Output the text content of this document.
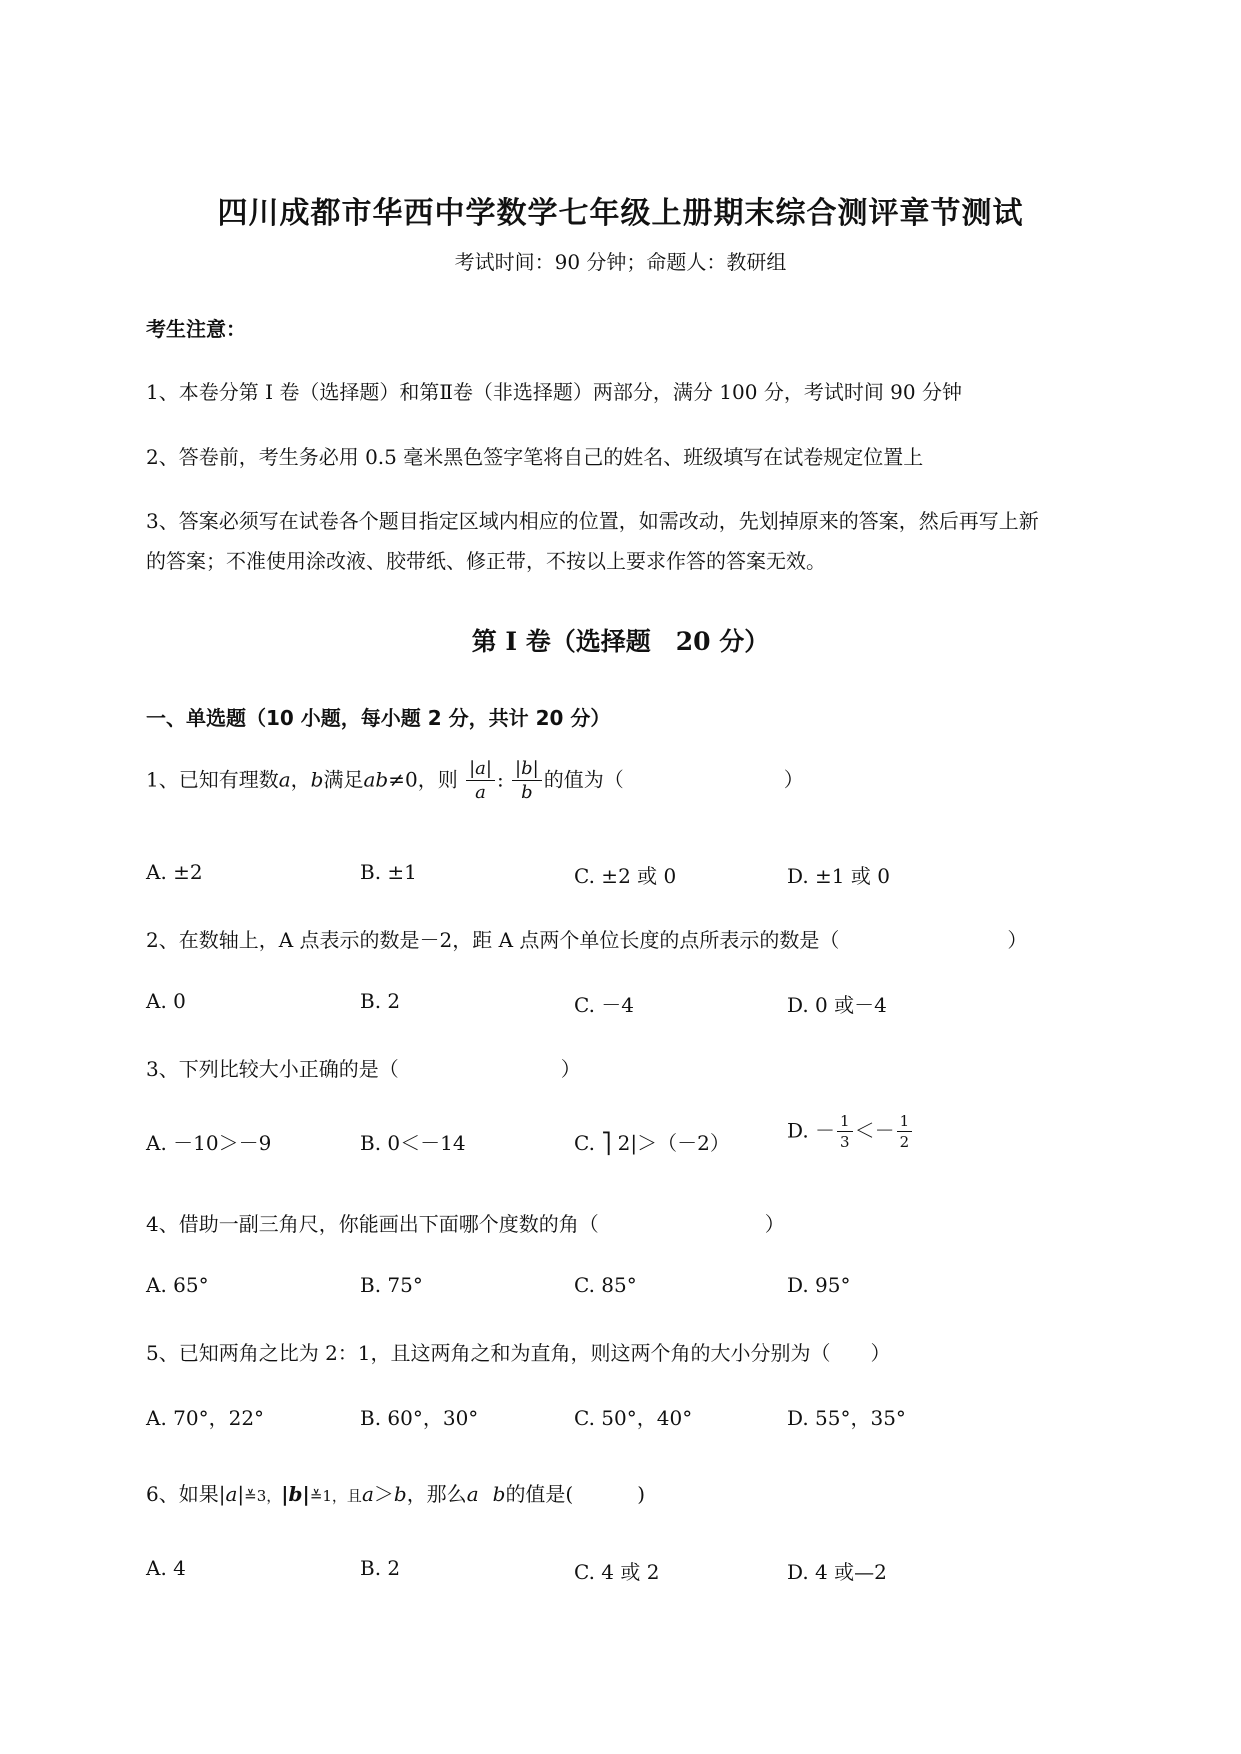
四川成都市华西中学数学七年级上册期末综合测评章节测试
考试时间：90 分钟；命题人：教研组
考生注意：
1、本卷分第 I 卷（选择题）和第Ⅱ卷（非选择题）两部分，满分 100 分，考试时间 90 分钟
2、答卷前，考生务必用 0.5 毫米黑色签字笔将自己的姓名、班级填写在试卷规定位置上
3、答案必须写在试卷各个题目指定区域内相应的位置，如需改动，先划掉原来的答案，然后再写上新
的答案；不准使用涂改液、胶带纸、修正带，不按以上要求作答的答案无效。
第 I 卷（选择题　20 分）
一、单选题（10 小题，每小题 2 分，共计 20 分）
1、已知有理数a，b满足ab≠0，则 $\frac{|a|}{a}$ : $\frac{|b|}{b}$ 的值为（	）
A. ±2	B. ±1	C. ±2 或 0	D. ±1 或 0
2、在数轴上，A 点表示的数是－2，距 A 点两个单位长度的点所表示的数是（	）
A. 0	B. 2	C. －4	D. 0 或－4
3、下列比较大小正确的是（	）
A. －10＞－9	B. 0＜－14	C. ⎤ 2|＞（－2）
D. － $\frac{1}{3} <- \frac{1}{2}$
4、借助一副三角尺，你能画出下面哪个度数的角（	）
A. 65°	B. 75°	C. 85°	D. 95°
5、已知两角之比为 2：1，且这两角之和为直角，则这两个角的大小分别为（ ）
A. 70°，22°	B. 60°，30°	C. 50°，40°	D. 55°，35°
6、如果|a|≚3，|b|≚1，且a＞b，那么a b的值是(	)
A. 4	B. 2	C. 4 或 2	D. 4 或—2
